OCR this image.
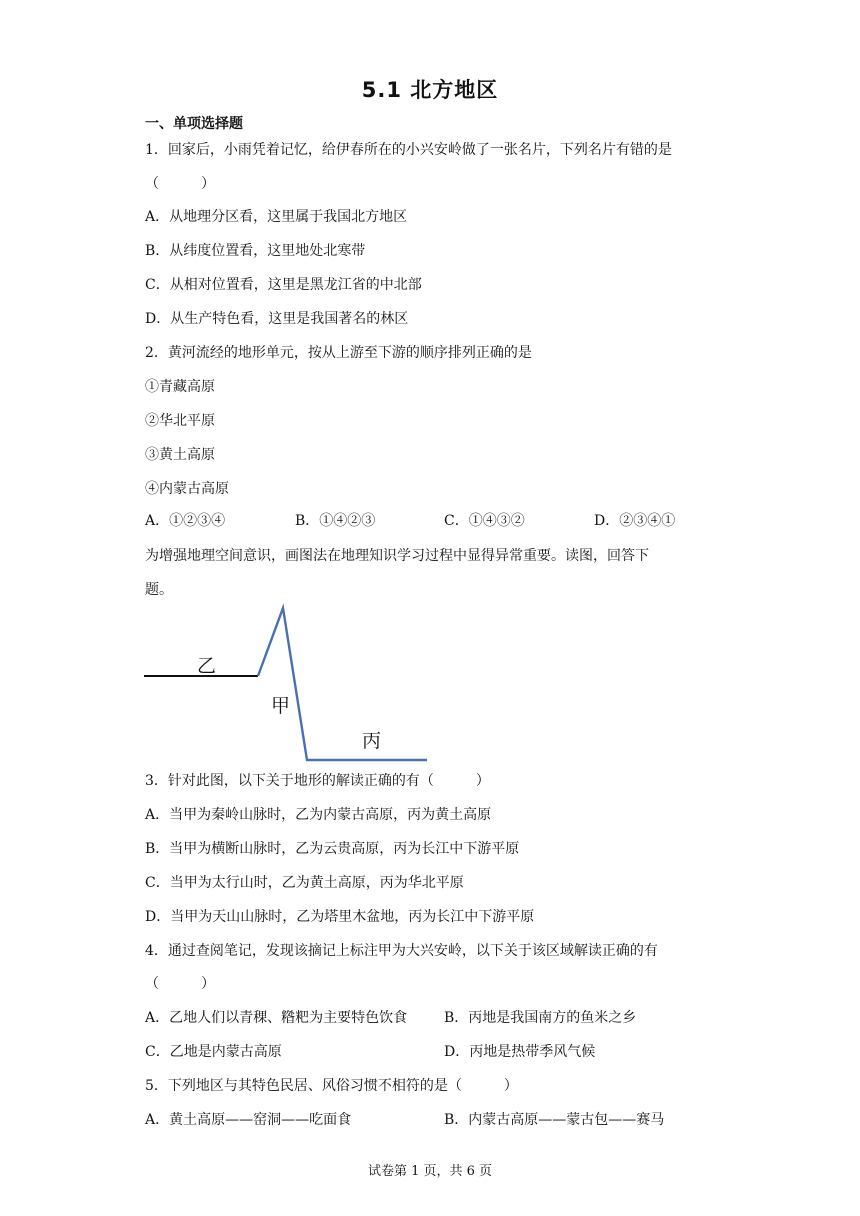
5.1 北方地区
一、单项选择题
1．回家后，小雨凭着记忆，给伊春所在的小兴安岭做了一张名片，下列名片有错的是
（　　　）
A．从地理分区看，这里属于我国北方地区
B．从纬度位置看，这里地处北寒带
C．从相对位置看，这里是黑龙江省的中北部
D．从生产特色看，这里是我国著名的林区
2．黄河流经的地形单元，按从上游至下游的顺序排列正确的是
①青藏高原
②华北平原
③黄土高原
④内蒙古高原
A．①②③④	B．①④②③	C．①④③②	D．②③④①
为增强地理空间意识，画图法在地理知识学习过程中显得异常重要。读图，回答下
题。
乙
甲
丙
3．针对此图，以下关于地形的解读正确的有（　　　）
A．当甲为秦岭山脉时，乙为内蒙古高原，丙为黄土高原
B．当甲为横断山脉时，乙为云贵高原，丙为长江中下游平原
C．当甲为太行山时，乙为黄土高原，丙为华北平原
D．当甲为天山山脉时，乙为塔里木盆地，丙为长江中下游平原
4．通过查阅笔记，发现该摘记上标注甲为大兴安岭，以下关于该区域解读正确的有
（　　　）
A．乙地人们以青稞、糌粑为主要特色饮食	B．丙地是我国南方的鱼米之乡
C．乙地是内蒙古高原	D．丙地是热带季风气候
5．下列地区与其特色民居、风俗习惯不相符的是（　　　）
A．黄土高原——窑洞——吃面食	B．内蒙古高原——蒙古包——赛马
试卷第 1 页，共 6 页
